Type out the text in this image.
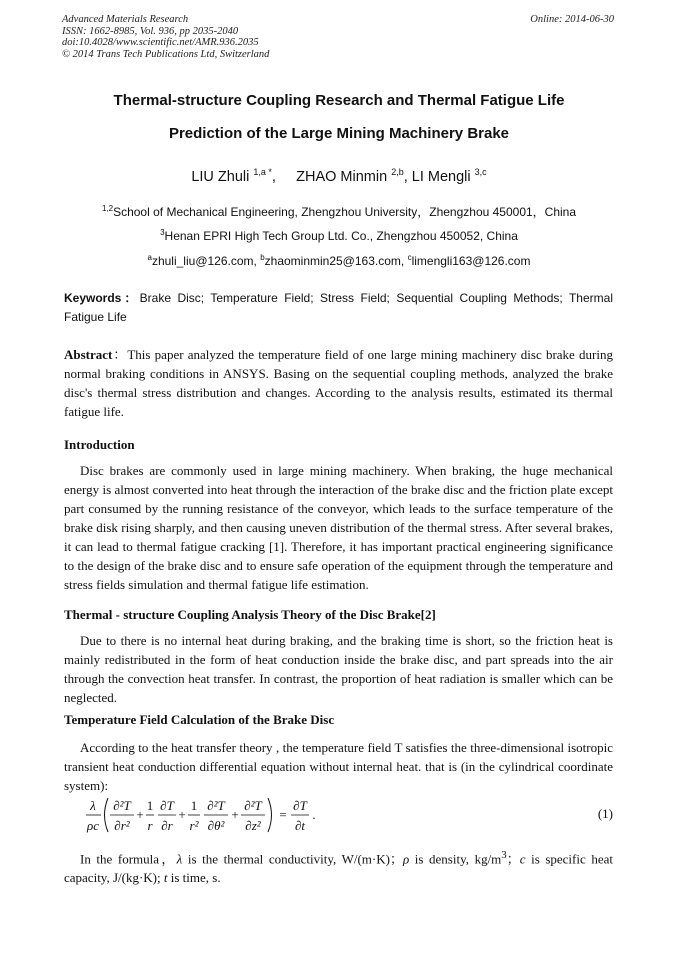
Advanced Materials Research
ISSN: 1662-8985, Vol. 936, pp 2035-2040
doi:10.4028/www.scientific.net/AMR.936.2035
© 2014 Trans Tech Publications Ltd, Switzerland
Online: 2014-06-30
Thermal-structure Coupling Research and Thermal Fatigue Life
Prediction of the Large Mining Machinery Brake
LIU Zhuli $^{1,a *}$, ZHAO Minmin $^{2,b}$, LI Mengli $^{3,c}$
$^{1,2}$School of Mechanical Engineering, Zhengzhou University，Zhengzhou 450001，China
$^3$Henan EPRI High Tech Group Ltd. Co., Zhengzhou 450052, China
$^a$zhuli_liu@126.com, $^b$zhaominmin25@163.com, $^c$limengli163@126.com
Keywords：Brake Disc; Temperature Field; Stress Field; Sequential Coupling Methods; Thermal Fatigue Life

Abstract：This paper analyzed the temperature field of one large mining machinery disc brake during normal braking conditions in ANSYS. Basing on the sequential coupling methods, analyzed the brake disc's thermal stress distribution and changes. According to the analysis results, estimated its thermal fatigue life.

Introduction

Disc brakes are commonly used in large mining machinery. When braking, the huge mechanical energy is almost converted into heat through the interaction of the brake disc and the friction plate except part consumed by the running resistance of the conveyor, which leads to the surface temperature of the brake disk rising sharply, and then causing uneven distribution of the thermal stress. After several brakes, it can lead to thermal fatigue cracking [1]. Therefore, it has important practical engineering significance to the design of the brake disc and to ensure safe operation of the equipment through the temperature and stress fields simulation and thermal fatigue life estimation.

Thermal - structure Coupling Analysis Theory of the Disc Brake[2]

Due to there is no internal heat during braking, and the braking time is short, so the friction heat is mainly redistributed in the form of heat conduction inside the brake disc, and part spreads into the air through the convection heat transfer. In contrast, the proportion of heat radiation is smaller which can be neglected.

Temperature Field Calculation of the Brake Disc

According to the heat transfer theory , the temperature field T satisfies the three-dimensional isotropic transient heat conduction differential equation without internal heat. that is (in the cylindrical coordinate system):

λ
ρc
∂²T
∂r²
+
1
r
∂T
∂r
+
1
r²
∂²T
∂θ²
+
∂²T
∂z²
=
∂T
∂t
.	(1)

In the formula，λ is the thermal conductivity, W/(m·K)；ρ is density, $kg/m^3$；c is specific heat capacity, J/(kg·K); t is time, s.
